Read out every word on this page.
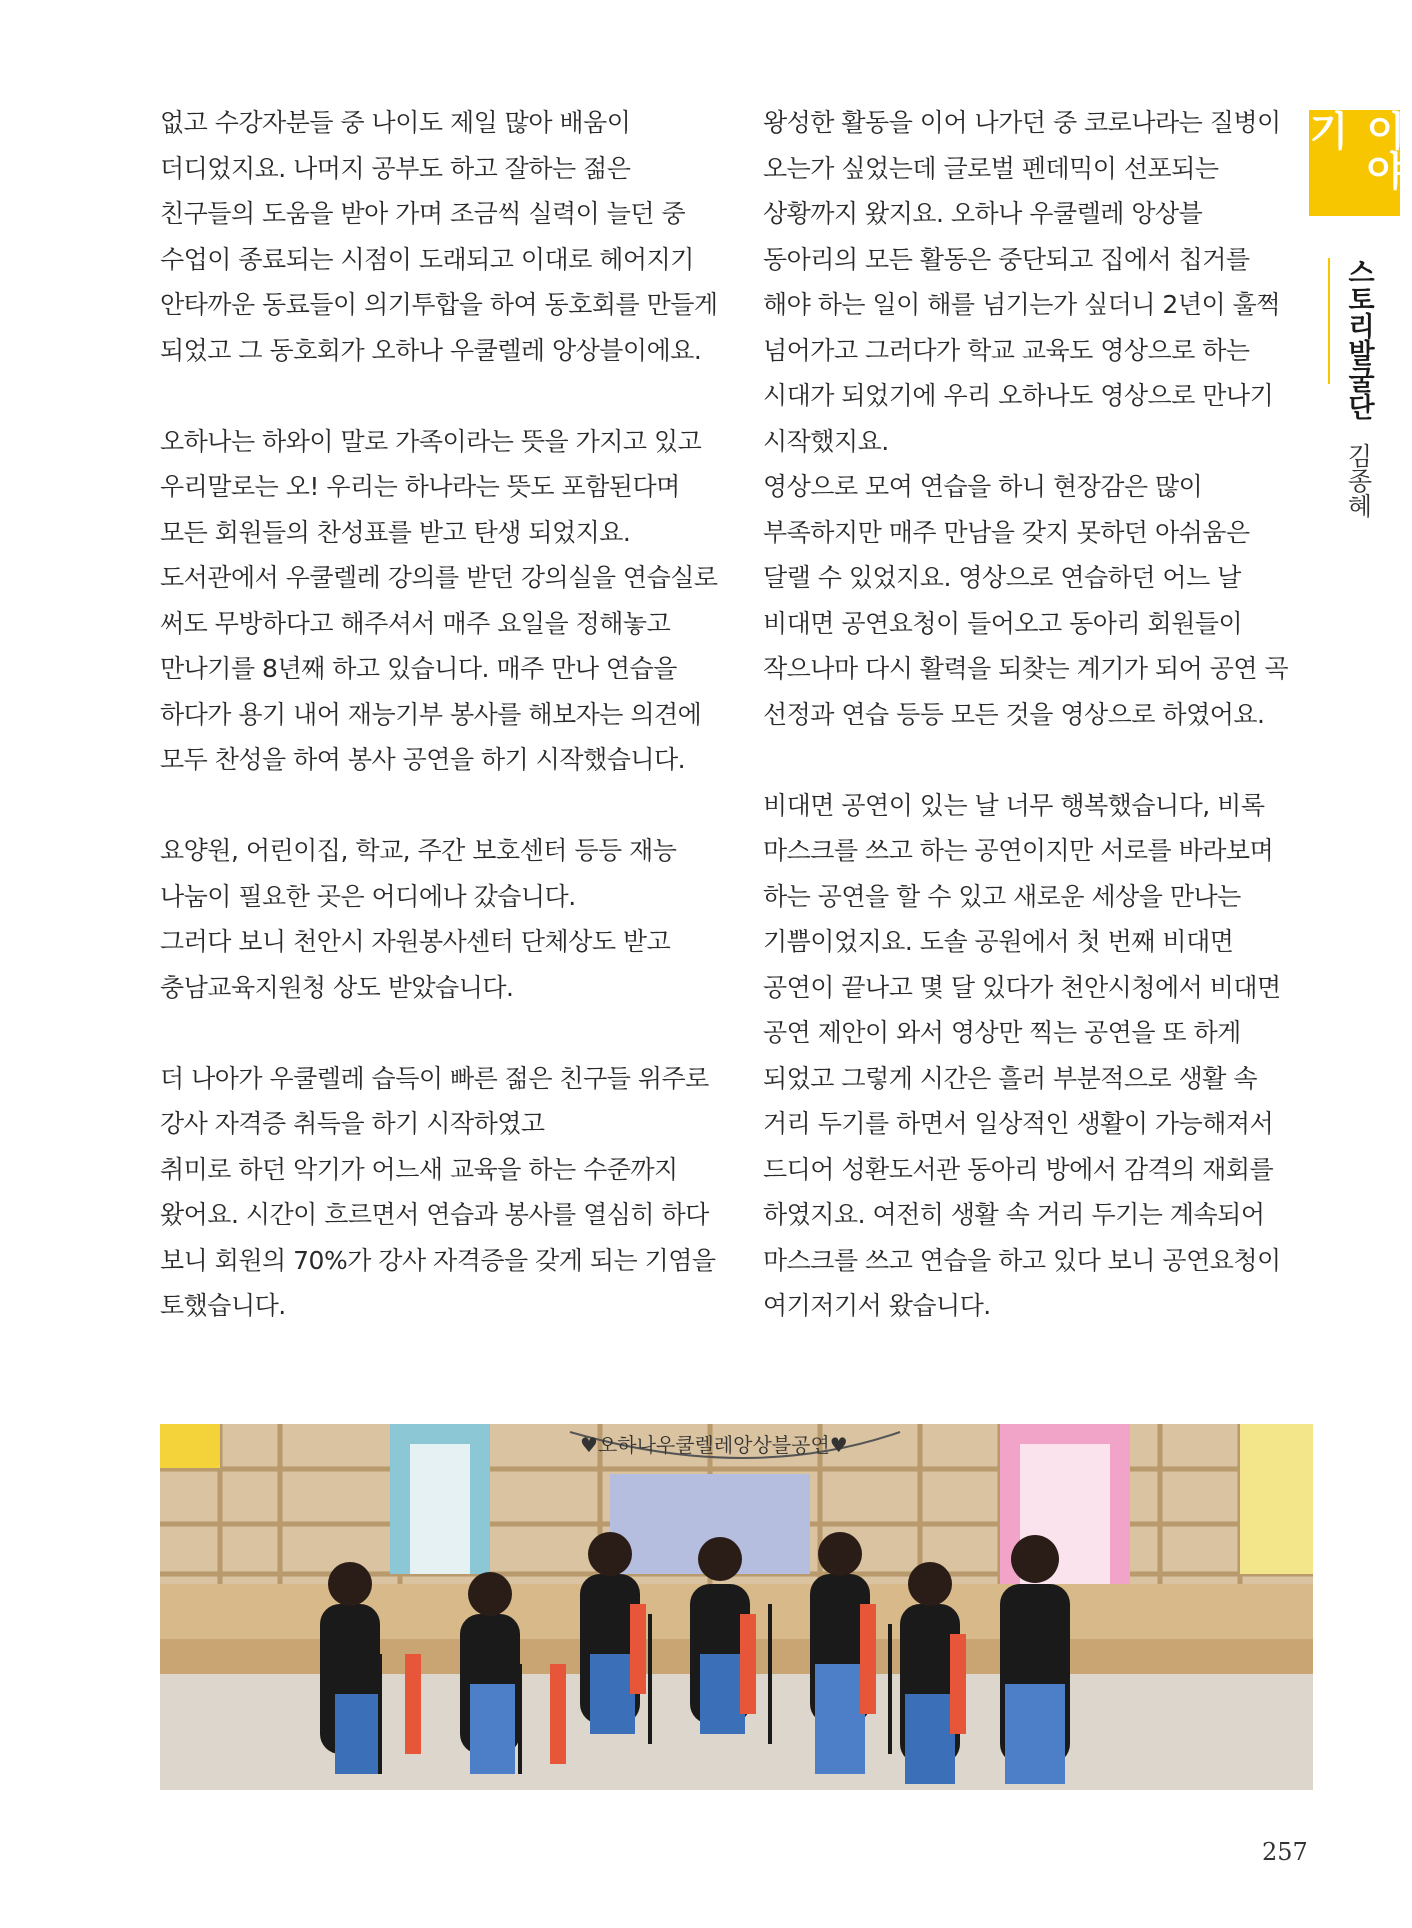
없고 수강자분들 중 나이도 제일 많아 배움이

더디었지요. 나머지 공부도 하고 잘하는 젊은

친구들의 도움을 받아 가며 조금씩 실력이 늘던 중

수업이 종료되는 시점이 도래되고 이대로 헤어지기

안타까운 동료들이 의기투합을 하여 동호회를 만들게

되었고 그 동호회가 오하나 우쿨렐레 앙상블이에요.

오하나는 하와이 말로 가족이라는 뜻을 가지고 있고

우리말로는 오! 우리는 하나라는 뜻도 포함된다며

모든 회원들의 찬성표를 받고 탄생 되었지요.

도서관에서 우쿨렐레 강의를 받던 강의실을 연습실로

써도 무방하다고 해주셔서 매주 요일을 정해놓고

만나기를 8년째 하고 있습니다. 매주 만나 연습을

하다가 용기 내어 재능기부 봉사를 해보자는 의견에

모두 찬성을 하여 봉사 공연을 하기 시작했습니다.

요양원, 어린이집, 학교, 주간 보호센터 등등 재능

나눔이 필요한 곳은 어디에나 갔습니다.

그러다 보니 천안시 자원봉사센터 단체상도 받고

충남교육지원청 상도 받았습니다.

더 나아가 우쿨렐레 습득이 빠른 젊은 친구들 위주로

강사 자격증 취득을 하기 시작하였고

취미로 하던 악기가 어느새 교육을 하는 수준까지

왔어요. 시간이 흐르면서 연습과 봉사를 열심히 하다

보니 회원의 70%가 강사 자격증을 갖게 되는 기염을

토했습니다.

왕성한 활동을 이어 나가던 중 코로나라는 질병이

오는가 싶었는데 글로벌 펜데믹이 선포되는

상황까지 왔지요. 오하나 우쿨렐레 앙상블

동아리의 모든 활동은 중단되고 집에서 칩거를

해야 하는 일이 해를 넘기는가 싶더니 2년이 훌쩍

넘어가고 그러다가 학교 교육도 영상으로 하는

시대가 되었기에 우리 오하나도 영상으로 만나기

시작했지요.

영상으로 모여 연습을 하니 현장감은 많이

부족하지만 매주 만남을 갖지 못하던 아쉬움은

달랠 수 있었지요. 영상으로 연습하던 어느 날

비대면 공연요청이 들어오고 동아리 회원들이

작으나마 다시 활력을 되찾는 계기가 되어 공연 곡

선정과 연습 등등 모든 것을 영상으로 하였어요.

비대면 공연이 있는 날 너무 행복했습니다, 비록

마스크를 쓰고 하는 공연이지만 서로를 바라보며

하는 공연을 할 수 있고 새로운 세상을 만나는

기쁨이었지요. 도솔 공원에서 첫 번째 비대면

공연이 끝나고 몇 달 있다가 천안시청에서 비대면

공연 제안이 와서 영상만 찍는 공연을 또 하게

되었고 그렇게 시간은 흘러 부분적으로 생활 속

거리 두기를 하면서 일상적인 생활이 가능해져서

드디어 성환도서관 동아리 방에서 감격의 재회를

하였지요. 여전히 생활 속 거리 두기는 계속되어

마스크를 쓰고 연습을 하고 있다 보니 공연요청이

여기저기서 왔습니다.

이야기
스토리발굴단 김종혜
♥오하나우쿨렐레앙상블공연♥
257
